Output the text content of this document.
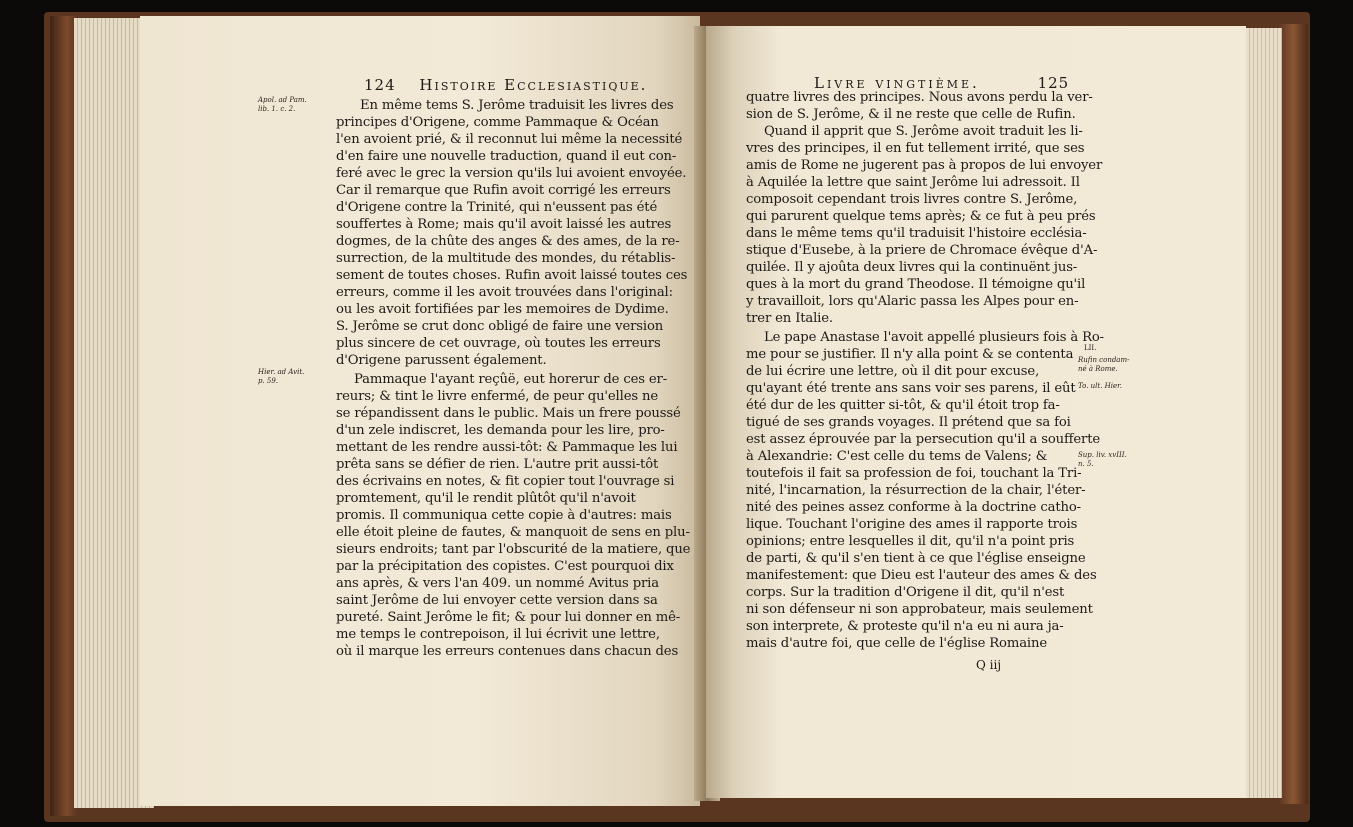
124 Histoire Ecclesiastique.
Apol. ad Pam.
lib. 1. c. 2.
Hier. ad Avit.
p. 59.
En même tems S. Jerôme traduisit les livres des
principes d'Origene, comme Pammaque & Océan
l'en avoient prié, & il reconnut lui même la necessité
d'en faire une nouvelle traduction, quand il eut con-
feré avec le grec la version qu'ils lui avoient envoyée.
Car il remarque que Rufin avoit corrigé les erreurs
d'Origene contre la Trinité, qui n'eussent pas été
souffertes à Rome; mais qu'il avoit laissé les autres
dogmes, de la chûte des anges & des ames, de la re-
surrection, de la multitude des mondes, du rétablis-
sement de toutes choses. Rufin avoit laissé toutes ces
erreurs, comme il les avoit trouvées dans l'original:
ou les avoit fortifiées par les memoires de Dydime.
S. Jerôme se crut donc obligé de faire une version
plus sincere de cet ouvrage, où toutes les erreurs
d'Origene parussent également.
Pammaque l'ayant reçûë, eut horerur de ces er-
reurs; & tint le livre enfermé, de peur qu'elles ne
se répandissent dans le public. Mais un frere poussé
d'un zele indiscret, les demanda pour les lire, pro-
mettant de les rendre aussi-tôt: & Pammaque les lui
prêta sans se défier de rien. L'autre prit aussi-tôt
des écrivains en notes, & fit copier tout l'ouvrage si
promtement, qu'il le rendit plûtôt qu'il n'avoit
promis. Il communiqua cette copie à d'autres: mais
elle étoit pleine de fautes, & manquoit de sens en plu-
sieurs endroits; tant par l'obscurité de la matiere, que
par la précipitation des copistes. C'est pourquoi dix
ans après, & vers l'an 409. un nommé Avitus pria
saint Jerôme de lui envoyer cette version dans sa
pureté. Saint Jerôme le fit; & pour lui donner en mê-
me temps le contrepoison, il lui écrivit une lettre,
où il marque les erreurs contenues dans chacun des
Livre vingtième.	125
quatre livres des principes. Nous avons perdu la ver-
sion de S. Jerôme, & il ne reste que celle de Rufin.
Quand il apprit que S. Jerôme avoit traduit les li-
vres des principes, il en fut tellement irrité, que ses
amis de Rome ne jugerent pas à propos de lui envoyer
à Aquilée la lettre que saint Jerôme lui adressoit. Il
composoit cependant trois livres contre S. Jerôme,
qui parurent quelque tems après; & ce fut à peu prés
dans le même tems qu'il traduisit l'histoire ecclésia-
stique d'Eusebe, à la priere de Chromace évêque d'A-
quilée. Il y ajoûta deux livres qui la continuënt jus-
ques à la mort du grand Theodose. Il témoigne qu'il
y travailloit, lors qu'Alaric passa les Alpes pour en-
trer en Italie.
Le pape Anastase l'avoit appellé plusieurs fois à Ro-
me pour se justifier. Il n'y alla point & se contenta
de lui écrire une lettre, où il dit pour excuse,
qu'ayant été trente ans sans voir ses parens, il eût
été dur de les quitter si-tôt, & qu'il étoit trop fa-
tigué de ses grands voyages. Il prétend que sa foi
est assez éprouvée par la persecution qu'il a soufferte
à Alexandrie: C'est celle du tems de Valens; &
toutefois il fait sa profession de foi, touchant la Tri-
nité, l'incarnation, la résurrection de la chair, l'éter-
nité des peines assez conforme à la doctrine catho-
lique. Touchant l'origine des ames il rapporte trois
opinions; entre lesquelles il dit, qu'il n'a point pris
de parti, & qu'il s'en tient à ce que l'église enseigne
manifestement: que Dieu est l'auteur des ames & des
corps. Sur la tradition d'Origene il dit, qu'il n'est
ni son défenseur ni son approbateur, mais seulement
son interprete, & proteste qu'il n'a eu ni aura ja-
mais d'autre foi, que celle de l'église Romaine
Q iij
LII.
Rufin condam-
né à Rome.
To. ult. Hier.
Sup. liv. xvIII.
n. 5.
